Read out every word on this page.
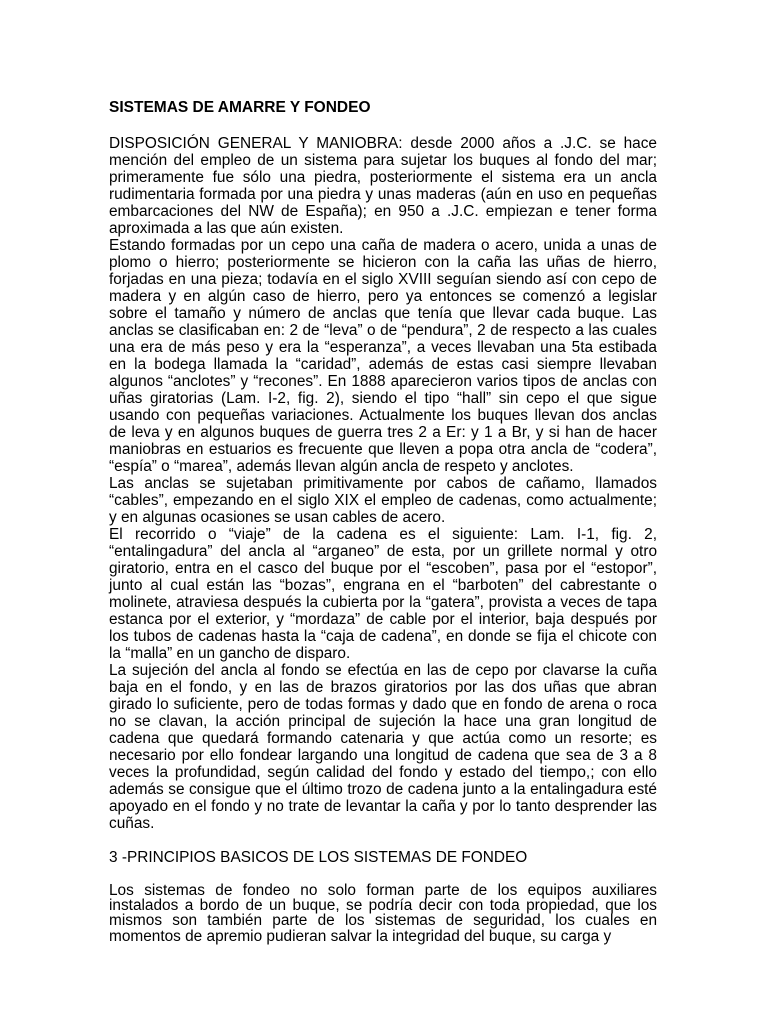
SISTEMAS DE AMARRE Y FONDEO

DISPOSICIÓN GENERAL Y MANIOBRA: desde 2000 años a .J.C. se hace mención del empleo de un sistema para sujetar los buques al fondo del mar; primeramente fue sólo una piedra, posteriormente el sistema era un ancla rudimentaria formada por una piedra y unas maderas (aún en uso en pequeñas embarcaciones del NW de España); en 950 a .J.C. empiezan e tener forma aproximada a las que aún existen.

Estando formadas por un cepo una caña de madera o acero, unida a unas de plomo o hierro; posteriormente se hicieron con la caña las uñas de hierro, forjadas en una pieza; todavía en el siglo XVIII seguían siendo así con cepo de madera y en algún caso de hierro, pero ya entonces se comenzó a legislar sobre el tamaño y número de anclas que tenía que llevar cada buque. Las anclas se clasificaban en: 2 de “leva” o de “pendura”, 2 de respecto a las cuales una era de más peso y era la “esperanza”, a veces llevaban una 5ta estibada en la bodega llamada la “caridad”, además de estas casi siempre llevaban algunos “anclotes” y “recones”. En 1888 aparecieron varios tipos de anclas con uñas giratorias (Lam. I-2, fig. 2), siendo el tipo “hall” sin cepo el que sigue usando con pequeñas variaciones. Actualmente los buques llevan dos anclas de leva y en algunos buques de guerra tres 2 a Er: y 1 a Br, y si han de hacer maniobras en estuarios es frecuente que lleven a popa otra ancla de “codera”, “espía” o “marea”, además llevan algún ancla de respeto y anclotes.

Las anclas se sujetaban primitivamente por cabos de cañamo, llamados “cables”, empezando en el siglo XIX el empleo de cadenas, como actualmente; y en algunas ocasiones se usan cables de acero.

El recorrido o “viaje” de la cadena es el siguiente: Lam. I-1, fig. 2, “entalingadura” del ancla al “arganeo” de esta, por un grillete normal y otro giratorio, entra en el casco del buque por el “escoben”, pasa por el “estopor”, junto al cual están las “bozas”, engrana en el “barboten” del cabrestante o molinete, atraviesa después la cubierta por la “gatera”, provista a veces de tapa estanca por el exterior, y “mordaza” de cable por el interior, baja después por los tubos de cadenas hasta la “caja de cadena”, en donde se fija el chicote con la “malla” en un gancho de disparo.

La sujeción del ancla al fondo se efectúa en las de cepo por clavarse la cuña baja en el fondo, y en las de brazos giratorios por las dos uñas que abran girado lo suficiente, pero de todas formas y dado que en fondo de arena o roca no se clavan, la acción principal de sujeción la hace una gran longitud de cadena que quedará formando catenaria y que actúa como un resorte; es necesario por ello fondear largando una longitud de cadena que sea de 3 a 8 veces la profundidad, según calidad del fondo y estado del tiempo,; con ello además se consigue que el último trozo de cadena junto a la entalingadura esté apoyado en el fondo y no trate de levantar la caña y por lo tanto desprender las cuñas.

3 -PRINCIPIOS BASICOS DE LOS SISTEMAS DE FONDEO

Los sistemas de fondeo no solo forman parte de los equipos auxiliares instalados a bordo de un buque, se podría decir con toda propiedad, que los mismos son también parte de los sistemas de seguridad, los cuales en momentos de apremio pudieran salvar la integridad del buque, su carga y
